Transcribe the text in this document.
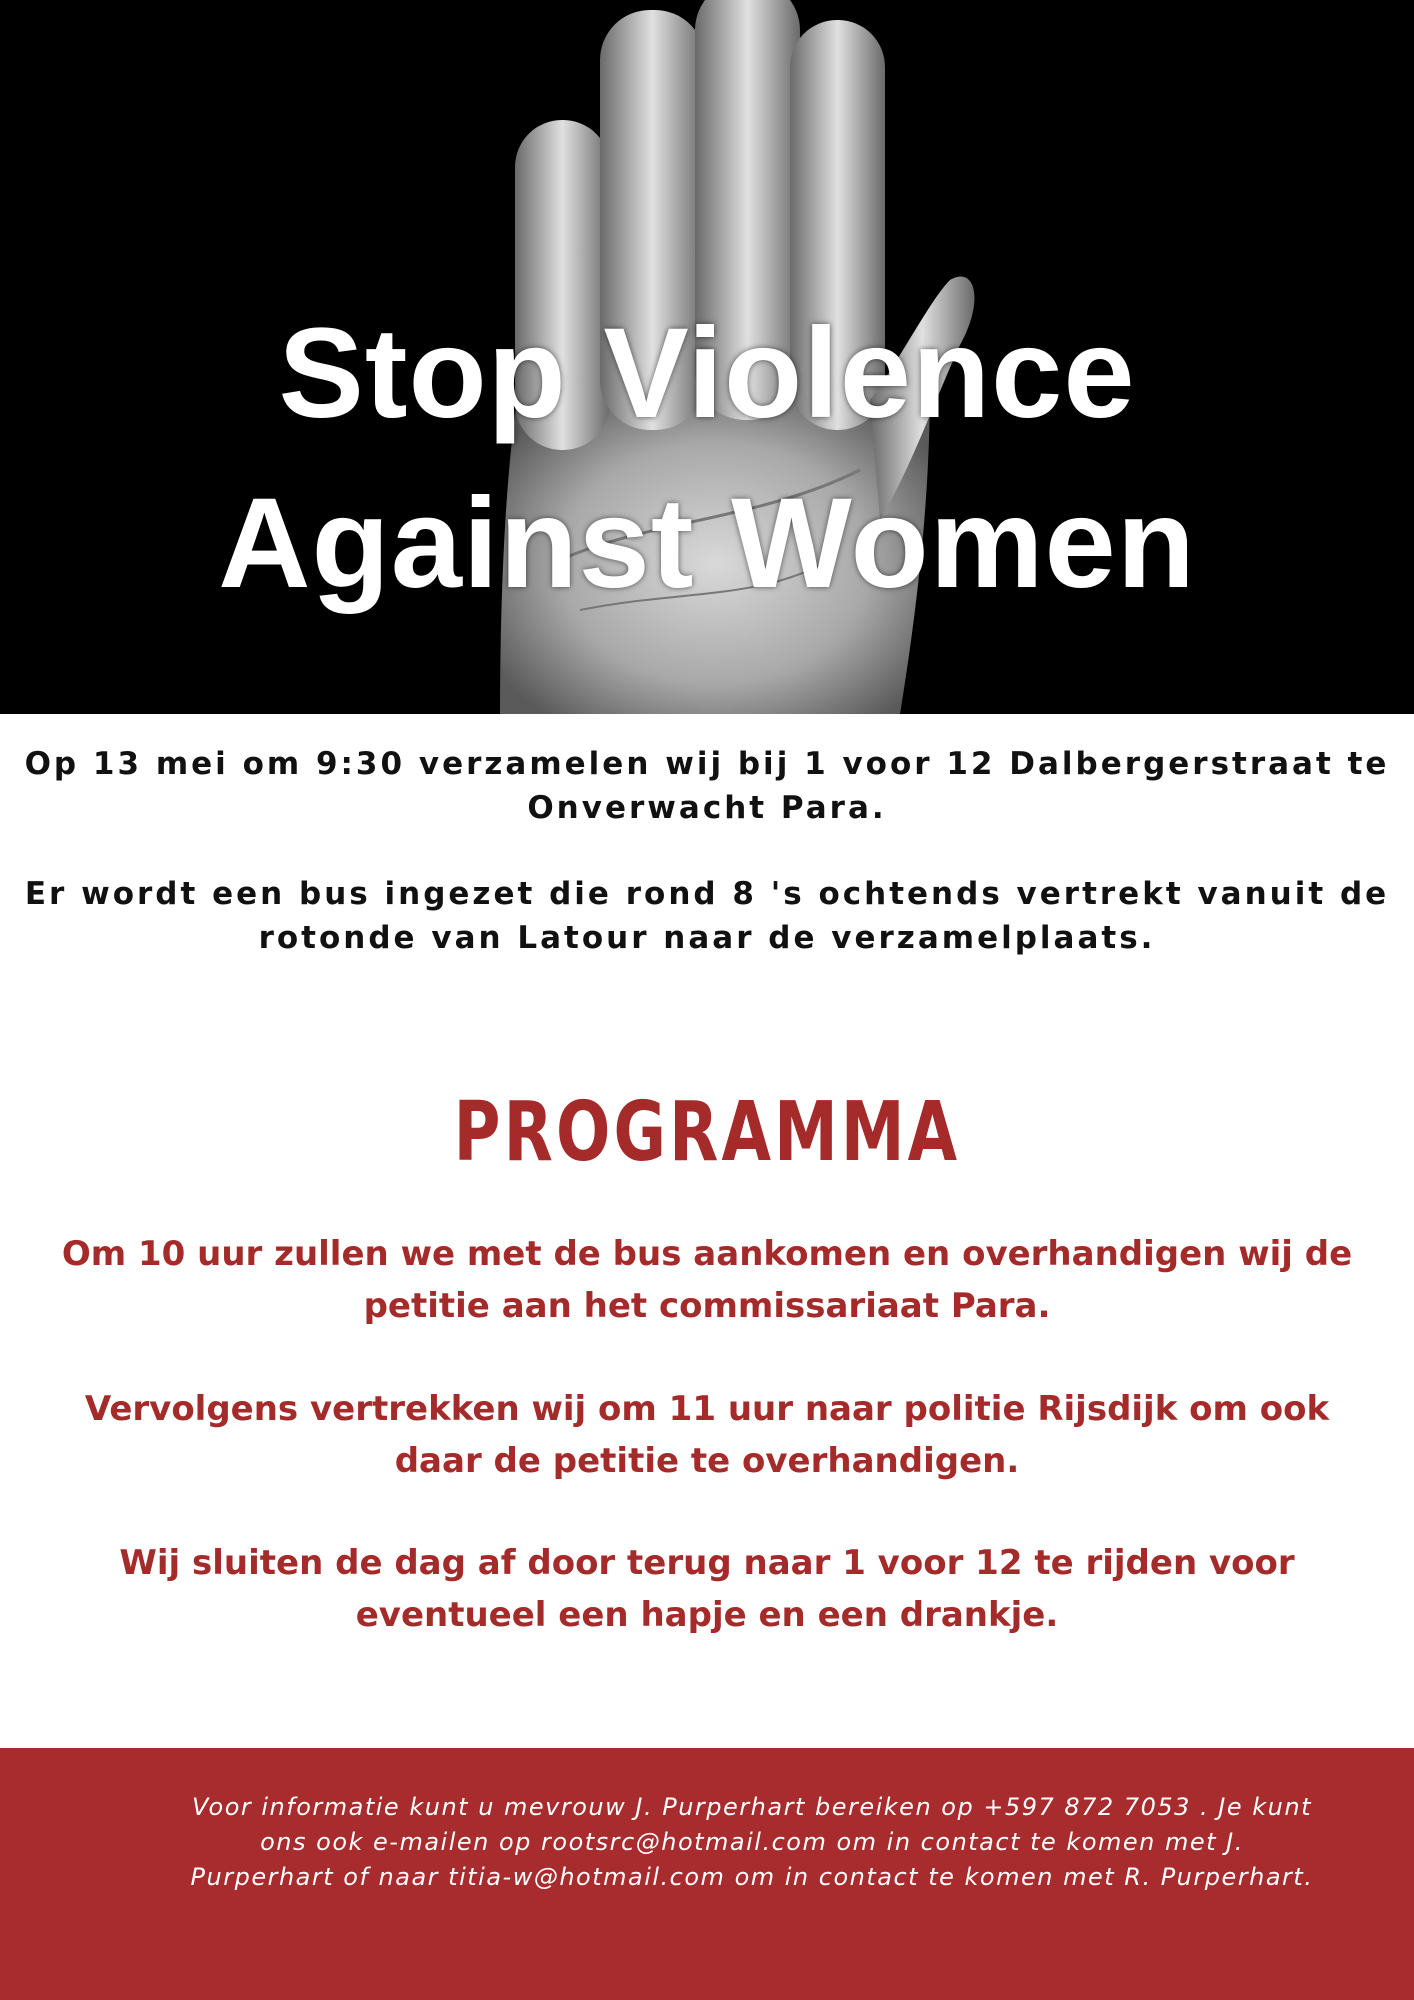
Stop Violence
Against Women
Op 13 mei om 9:30 verzamelen wij bij 1 voor 12 Dalbergerstraat te Onverwacht Para.
Er wordt een bus ingezet die rond 8 's ochtends vertrekt vanuit de rotonde van Latour naar de verzamelplaats.
PROGRAMMA
Om 10 uur zullen we met de bus aankomen en overhandigen wij de petitie aan het commissariaat Para.
Vervolgens vertrekken wij om 11 uur naar politie Rijsdijk om ook daar de petitie te overhandigen.
Wij sluiten de dag af door terug naar 1 voor 12 te rijden voor eventueel een hapje en een drankje.
Voor informatie kunt u mevrouw J. Purperhart bereiken op +597 872 7053 . Je kunt ons ook e-mailen op rootsrc@hotmail.com om in contact te komen met J. Purperhart of naar titia-w@hotmail.com om in contact te komen met R. Purperhart.
